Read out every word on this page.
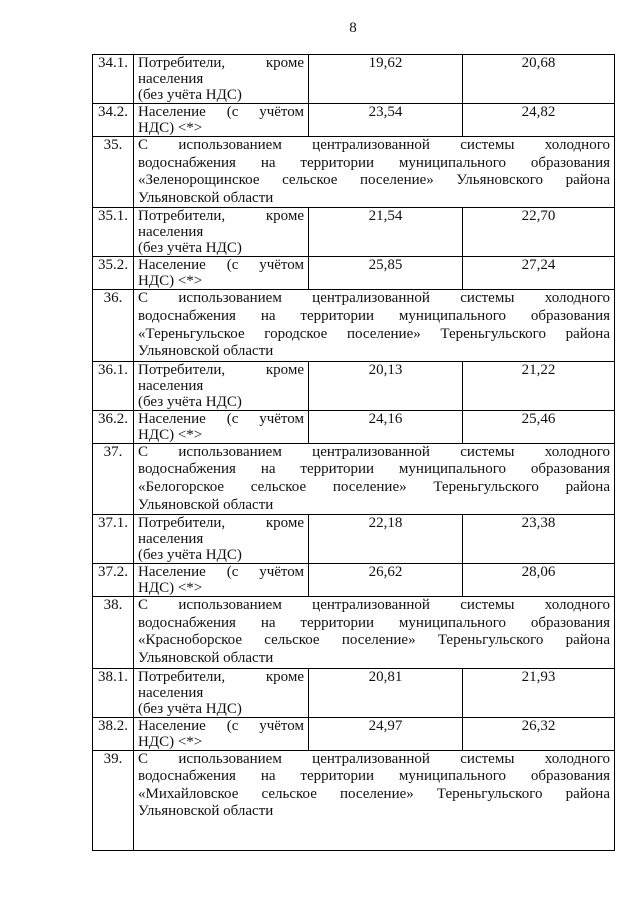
8
34.1.	Потребители, кроме
населения
(без учёта НДС)	19,62	20,68
34.2.	Население (с учётом
НДС) <*>	23,54	24,82
35.	С использованием централизованной системы холодного
водоснабжения на территории муниципального образования
«Зеленорощинское сельское поселение» Ульяновского района
Ульяновской области		

35.1.	Потребители, кроме
населения
(без учёта НДС)	21,54	22,70
35.2.	Население (с учётом
НДС) <*>	25,85	27,24
36.	С использованием централизованной системы холодного
водоснабжения на территории муниципального образования
«Тереньгульское городское поселение» Тереньгульского района
Ульяновской области		

36.1.	Потребители, кроме
населения
(без учёта НДС)	20,13	21,22
36.2.	Население (с учётом
НДС) <*>	24,16	25,46
37.	С использованием централизованной системы холодного
водоснабжения на территории муниципального образования
«Белогорское сельское поселение» Тереньгульского района
Ульяновской области		

37.1.	Потребители, кроме
населения
(без учёта НДС)	22,18	23,38
37.2.	Население (с учётом
НДС) <*>	26,62	28,06
38.	С использованием централизованной системы холодного
водоснабжения на территории муниципального образования
«Красноборское сельское поселение» Тереньгульского района
Ульяновской области		

38.1.	Потребители, кроме
населения
(без учёта НДС)	20,81	21,93
38.2.	Население (с учётом
НДС) <*>	24,97	26,32
39.	С использованием централизованной системы холодного
водоснабжения на территории муниципального образования
«Михайловское сельское поселение» Тереньгульского района
Ульяновской области		
